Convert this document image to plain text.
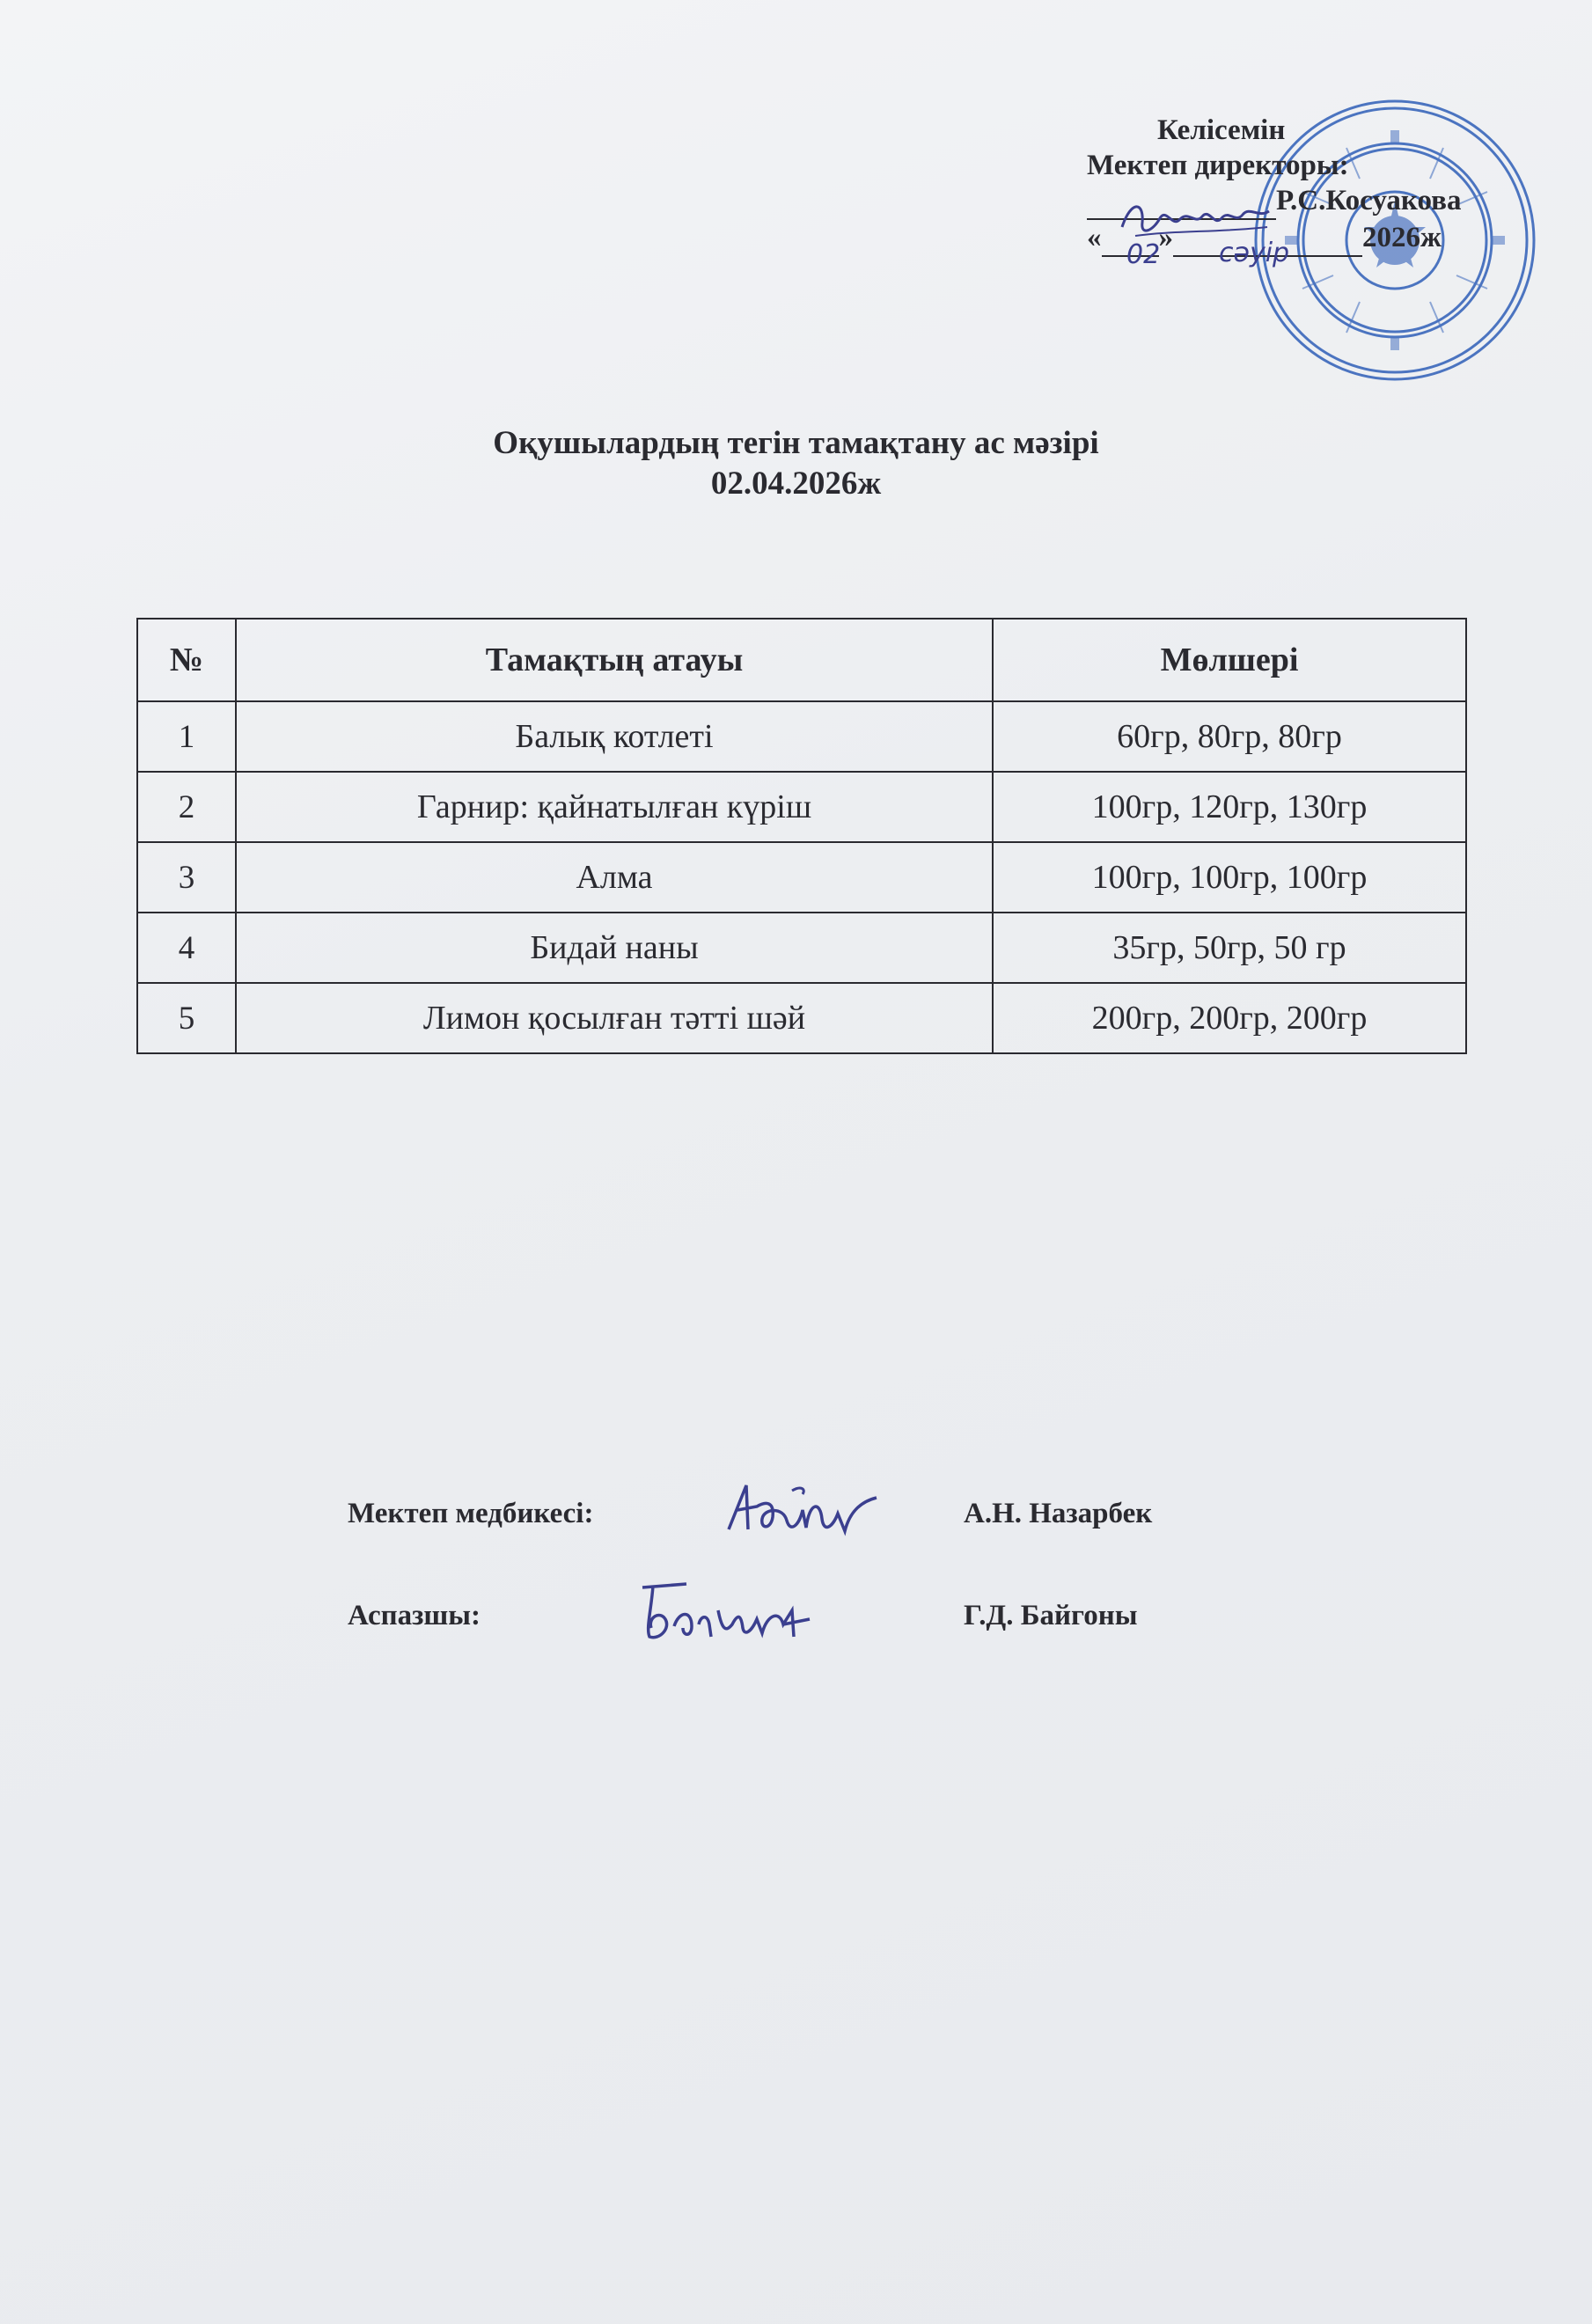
Келісемін
Мектеп директоры:
Р.С.Косуакова
« »	2026ж
02 сәуір
Оқушылардың тегін тамақтану ас мәзірі
02.04.2026ж
№	Тамақтың атауы	Мөлшері
1	Балық котлеті	60гр, 80гр, 80гр
2	Гарнир: қайнатылған күріш	100гр, 120гр, 130гр
3	Алма	100гр, 100гр, 100гр
4	Бидай наны	35гр, 50гр, 50 гр
5	Лимон қосылған тәтті шәй	200гр, 200гр, 200гр
Мектеп медбикесі:	А.Н. Назарбек
Аспазшы:	Г.Д. Байгоны
